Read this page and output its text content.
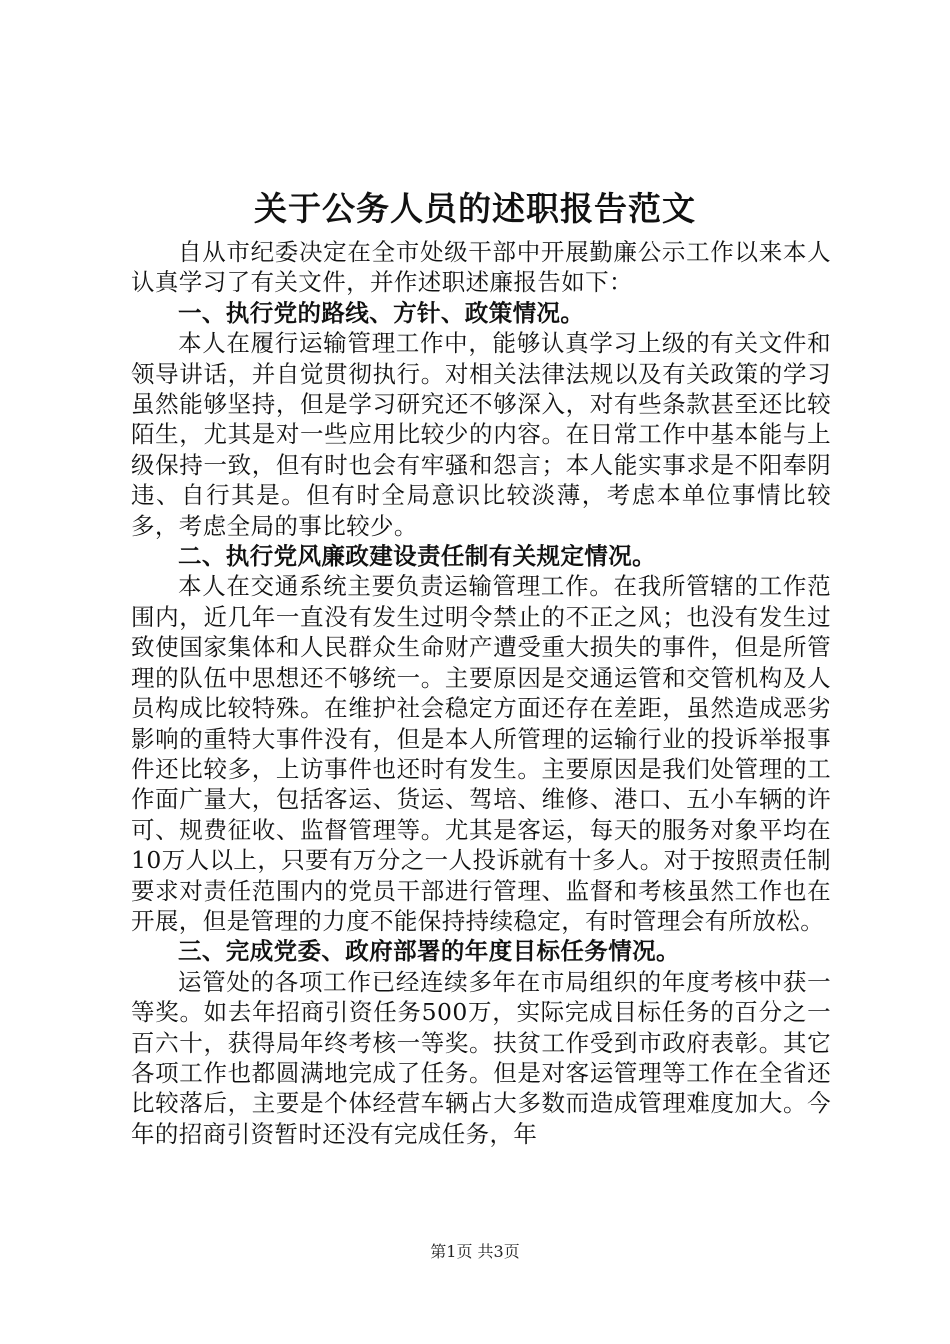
关于公务人员的述职报告范文

自从市纪委决定在全市处级干部中开展勤廉公示工作以来本人认真学习了有关文件，并作述职述廉报告如下：

一、执行党的路线、方针、政策情况。

本人在履行运输管理工作中，能够认真学习上级的有关文件和领导讲话，并自觉贯彻执行。对相关法律法规以及有关政策的学习虽然能够坚持，但是学习研究还不够深入，对有些条款甚至还比较陌生，尤其是对一些应用比较少的内容。在日常工作中基本能与上级保持一致，但有时也会有牢骚和怨言；本人能实事求是不阳奉阴违、自行其是。但有时全局意识比较淡薄，考虑本单位事情比较多，考虑全局的事比较少。

二、执行党风廉政建设责任制有关规定情况。

本人在交通系统主要负责运输管理工作。在我所管辖的工作范围内，近几年一直没有发生过明令禁止的不正之风；也没有发生过致使国家集体和人民群众生命财产遭受重大损失的事件，但是所管理的队伍中思想还不够统一。主要原因是交通运管和交管机构及人员构成比较特殊。在维护社会稳定方面还存在差距，虽然造成恶劣影响的重特大事件没有，但是本人所管理的运输行业的投诉举报事件还比较多，上访事件也还时有发生。主要原因是我们处管理的工作面广量大，包括客运、货运、驾培、维修、港口、五小车辆的许可、规费征收、监督管理等。尤其是客运，每天的服务对象平均在10万人以上，只要有万分之一人投诉就有十多人。对于按照责任制要求对责任范围内的党员干部进行管理、监督和考核虽然工作也在开展，但是管理的力度不能保持持续稳定，有时管理会有所放松。

三、完成党委、政府部署的年度目标任务情况。

运管处的各项工作已经连续多年在市局组织的年度考核中获一等奖。如去年招商引资任务500万，实际完成目标任务的百分之一百六十，获得局年终考核一等奖。扶贫工作受到市政府表彰。其它各项工作也都圆满地完成了任务。但是对客运管理等工作在全省还比较落后，主要是个体经营车辆占大多数而造成管理难度加大。今年的招商引资暂时还没有完成任务，年

第1页 共3页
